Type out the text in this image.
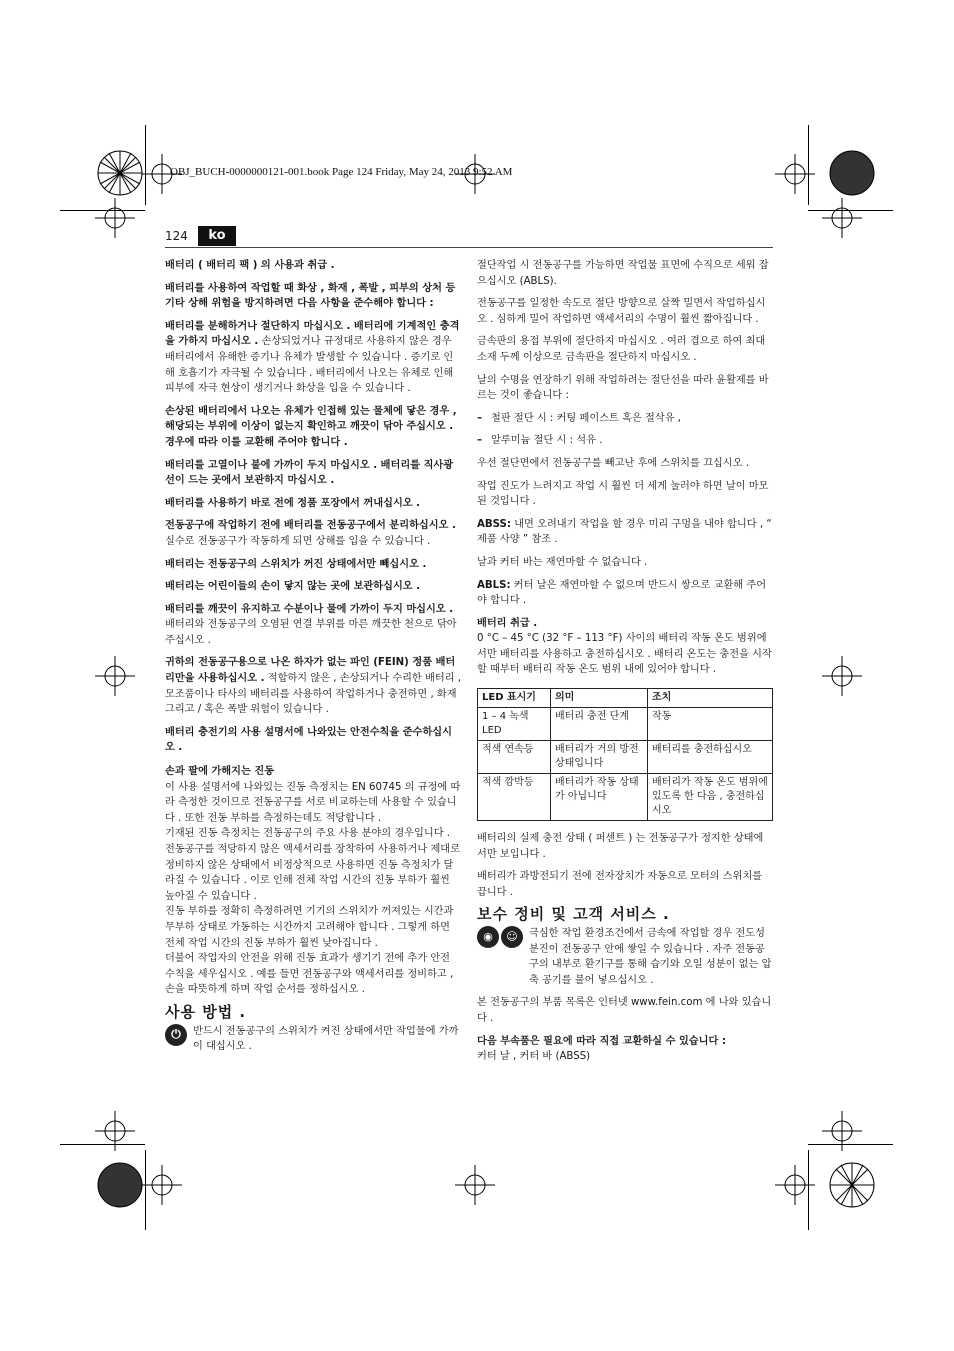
OBJ_BUCH-0000000121-001.book Page 124 Friday, May 24, 2013 9:52 AM
124	ko

배터리 ( 배터리 팩 ) 의 사용과 취급 .

배터리를 사용하여 작업할 때 화상 , 화재 , 폭발 , 피부의 상처 등 기타 상해 위험을 방지하려면 다음 사항을 준수해야 합니다 :

배터리를 분해하거나 절단하지 마십시오 . 배터리에 기계적인 충격을 가하지 마십시오 . 손상되었거나 규정대로 사용하지 않은 경우 배터리에서 유해한 증기나 유체가 발생할 수 있습니다 . 증기로 인해 호흡기가 자극될 수 있습니다 . 배터리에서 나오는 유체로 인해 피부에 자극 현상이 생기거나 화상을 입을 수 있습니다 .

손상된 배터리에서 나오는 유체가 인접해 있는 물체에 닿은 경우 , 해당되는 부위에 이상이 없는지 확인하고 깨끗이 닦아 주십시오 . 경우에 따라 이를 교환해 주어야 합니다 .

배터리를 고열이나 불에 가까이 두지 마십시오 . 배터리를 직사광선이 드는 곳에서 보관하지 마십시오 .

배터리를 사용하기 바로 전에 정품 포장에서 꺼내십시오 .

전동공구에 작업하기 전에 배터리를 전동공구에서 분리하십시오 . 실수로 전동공구가 작동하게 되면 상해를 입을 수 있습니다 .

배터리는 전동공구의 스위치가 꺼진 상태에서만 빼십시오 .

배터리는 어린이들의 손이 닿지 않는 곳에 보관하십시오 .

배터리를 깨끗이 유지하고 수분이나 물에 가까이 두지 마십시오 . 배터리와 전동공구의 오염된 연결 부위를 마른 깨끗한 천으로 닦아 주십시오 .

귀하의 전동공구용으로 나온 하자가 없는 파인 (FEIN) 정품 배터리만을 사용하십시오 . 적합하지 않은 , 손상되거나 수리한 배터리 , 모조품이나 타사의 배터리를 사용하여 작업하거나 충전하면 , 화재 그리고 / 혹은 폭발 위험이 있습니다 .

배터리 충전기의 사용 설명서에 나와있는 안전수칙을 준수하십시오 .

손과 팔에 가해지는 진동

이 사용 설명서에 나와있는 진동 측정치는 EN 60745 의 규정에 따라 측정한 것이므로 전동공구를 서로 비교하는데 사용할 수 있습니다 . 또한 전동 부하를 측정하는데도 적당합니다 .

기재된 진동 측정치는 전동공구의 주요 사용 분야의 경우입니다 . 전동공구를 적당하지 않은 액세서리를 장착하여 사용하거나 제대로 정비하지 않은 상태에서 비정상적으로 사용하면 진동 측정치가 달라질 수 있습니다 . 이로 인해 전체 작업 시간의 진동 부하가 훨씬 높아질 수 있습니다 .

진동 부하를 정확히 측정하려면 기기의 스위치가 꺼져있는 시간과 무부하 상태로 가동하는 시간까지 고려해야 합니다 . 그렇게 하면 전체 작업 시간의 진동 부하가 훨씬 낮아집니다 .

더불어 작업자의 안전을 위해 진동 효과가 생기기 전에 추가 안전 수칙을 세우십시오 . 예를 들면 전동공구와 액세서리를 정비하고 , 손을 따뜻하게 하며 작업 순서를 정하십시오 .

사용 방법 .
⏻	반드시 전동공구의 스위치가 켜진 상태에서만 작업물에 가까이 대십시오 .

절단작업 시 전동공구를 가능하면 작업물 표면에 수직으로 세워 잡으십시오 (ABLS).

전동공구를 일정한 속도로 절단 방향으로 살짝 밀면서 작업하십시오 . 심하게 밀어 작업하면 액세서리의 수명이 훨씬 짧아집니다 .

금속판의 용접 부위에 절단하지 마십시오 . 여러 겹으로 하여 최대 소재 두께 이상으로 금속판을 절단하지 마십시오 .

날의 수명을 연장하기 위해 작업하려는 절단선을 따라 윤활제를 바르는 것이 좋습니다 :

– 철판 절단 시 : 커팅 페이스트 혹은 절삭유 ,
– 알루미늄 절단 시 : 석유 .

우선 절단면에서 전동공구를 빼고난 후에 스위치를 끄십시오 .

작업 진도가 느려지고 작업 시 훨씬 더 세게 눌러야 하면 날이 마모된 것입니다 .

ABSS: 내면 오려내기 작업을 할 경우 미리 구멍을 내야 합니다 , “ 제품 사양 ” 참조 .

날과 커터 바는 재연마할 수 없습니다 .

ABLS: 커터 날은 재연마할 수 없으며 반드시 쌍으로 교환해 주어야 합니다 .

배터리 취급 .

0 °C – 45 °C (32 °F – 113 °F) 사이의 배터리 작동 온도 범위에서만 배터리를 사용하고 충전하십시오 . 배터리 온도는 충전을 시작할 때부터 배터리 작동 온도 범위 내에 있어야 합니다 .

LED 표시기	의미	조치
1 – 4 녹색 LED	배터리 충전 단계	작동
적색 연속등	배터리가 거의 방전 상태입니다	배터리를 충전하십시오
적색 깜박등	배터리가 작동 상태가 아닙니다	배터리가 작동 온도 범위에 있도록 한 다음 , 충전하십시오

배터리의 실제 충전 상태 ( 퍼센트 ) 는 전동공구가 정지한 상태에서만 보입니다 .

배터리가 과방전되기 전에 전자장치가 자동으로 모터의 스위치를 끕니다 .

보수 정비 및 고객 서비스 .
◉	☺	극심한 작업 환경조건에서 금속에 작업할 경우 전도성 분진이 전동공구 안에 쌓일 수 있습니다 . 자주 전동공구의 내부로 환기구를 통해 습기와 오일 성분이 없는 압축 공기를 불어 넣으십시오 .

본 전동공구의 부품 목록은 인터넷 www.fein.com 에 나와 있습니다 .

다음 부속품은 필요에 따라 직접 교환하실 수 있습니다 :
커터 날 , 커터 바 (ABSS)
